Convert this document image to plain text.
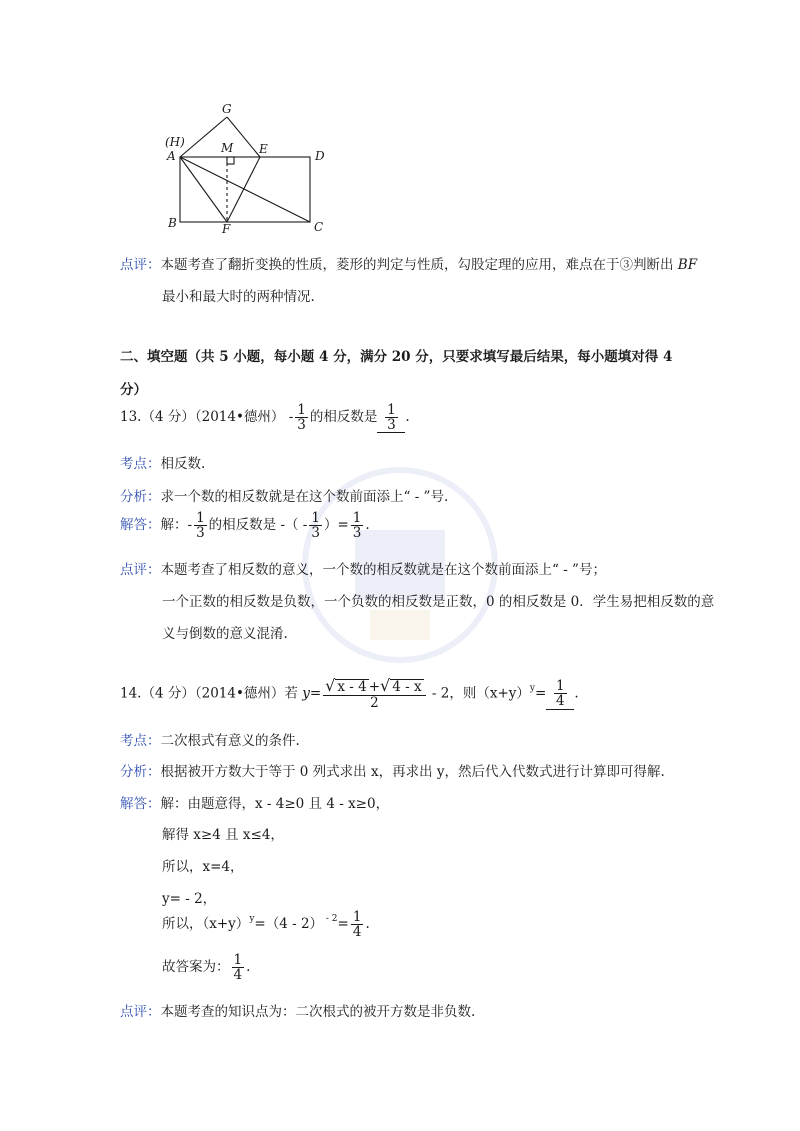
G
(H)
A
M E	D
B	F	C
点评：本题考查了翻折变换的性质，菱形的判定与性质，勾股定理的应用，难点在于③判断出 BF
最小和最大时的两种情况.
二、填空题（共 5 小题，每小题 4 分，满分 20 分，只要求填写最后结果，每小题填对得 4
分）
13.（4 分）（2014•德州） - $\frac{1}{3}$ 的相反数是 $\frac{1}{3}$ .
考点：相反数.
分析：求一个数的相反数就是在这个数前面添上“ - ”号.
解答：解：- $\frac{1}{3}$ 的相反数是 -（ - $\frac{1}{3}$ ）= $\frac{1}{3}$ .
点评：本题考查了相反数的意义，一个数的相反数就是在这个数前面添上“ - ”号；
一个正数的相反数是负数，一个负数的相反数是正数，0 的相反数是 0．学生易把相反数的意
义与倒数的意义混淆.
14.（4 分）（2014•德州）若 $y= \frac{√ x - 4 +√ 4 - x}{2} - 2$，则$(x+y)^y= \frac{1}{4}$ .
考点：二次根式有意义的条件.
分析：根据被开方数大于等于 0 列式求出 x，再求出 y，然后代入代数式进行计算即可得解.
解答：解：由题意得，x - 4≥0 且 4 - x≥0，
解得 x≥4 且 x≤4，
所以，x=4，
y= - 2，
所以，$(x+y)^y=(4 - 2)$ $^{- 2}= \frac{1}{4}$ .
故答案为： $\frac{1}{4}$ .
点评：本题考查的知识点为：二次根式的被开方数是非负数.
